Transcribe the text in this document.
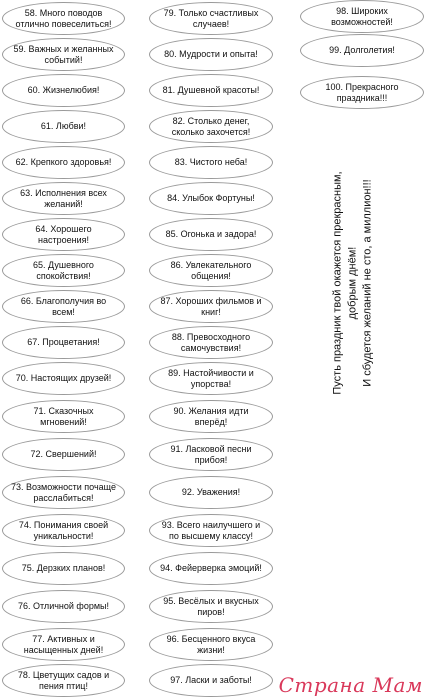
58. Много поводов отлично повеселиться!
59. Важных и желанных событий!
60. Жизнелюбия!
61. Любви!
62. Крепкого здоровья!
63. Исполнения всех желаний!
64. Хорошего настроения!
65. Душевного спокойствия!
66. Благополучия во всем!
67. Процветания!
70. Настоящих друзей!
71. Сказочных мгновений!
72. Свершений!
73. Возможности почаще расслабиться!
74. Понимания своей уникальности!
75. Дерзких планов!
76. Отличной формы!
77. Активных и насыщенных дней!
78. Цветущих садов и пения птиц!
79. Только счастливых случаев!
80. Мудрости и опыта!
81. Душевной красоты!
82. Столько денег, сколько захочется!
83. Чистого неба!
84. Улыбок Фортуны!
85. Огонька и задора!
86. Увлекательного общения!
87. Хороших фильмов и книг!
88. Превосходного самочувствия!
89. Настойчивости и упорства!
90. Желания идти вперёд!
91. Ласковой песни прибоя!
92. Уважения!
93. Всего наилучшего и по высшему классу!
94. Фейерверка эмоций!
95. Весёлых и вкусных пиров!
96. Бесценного вкуса жизни!
97. Ласки и заботы!
98. Широких возможностей!
99. Долголетия!
100. Прекрасного праздника!!!
Пусть праздник твой окажется прекрасным, добрым днём! И сбудется желаний не сто, а миллион!!!
Страна Мам
